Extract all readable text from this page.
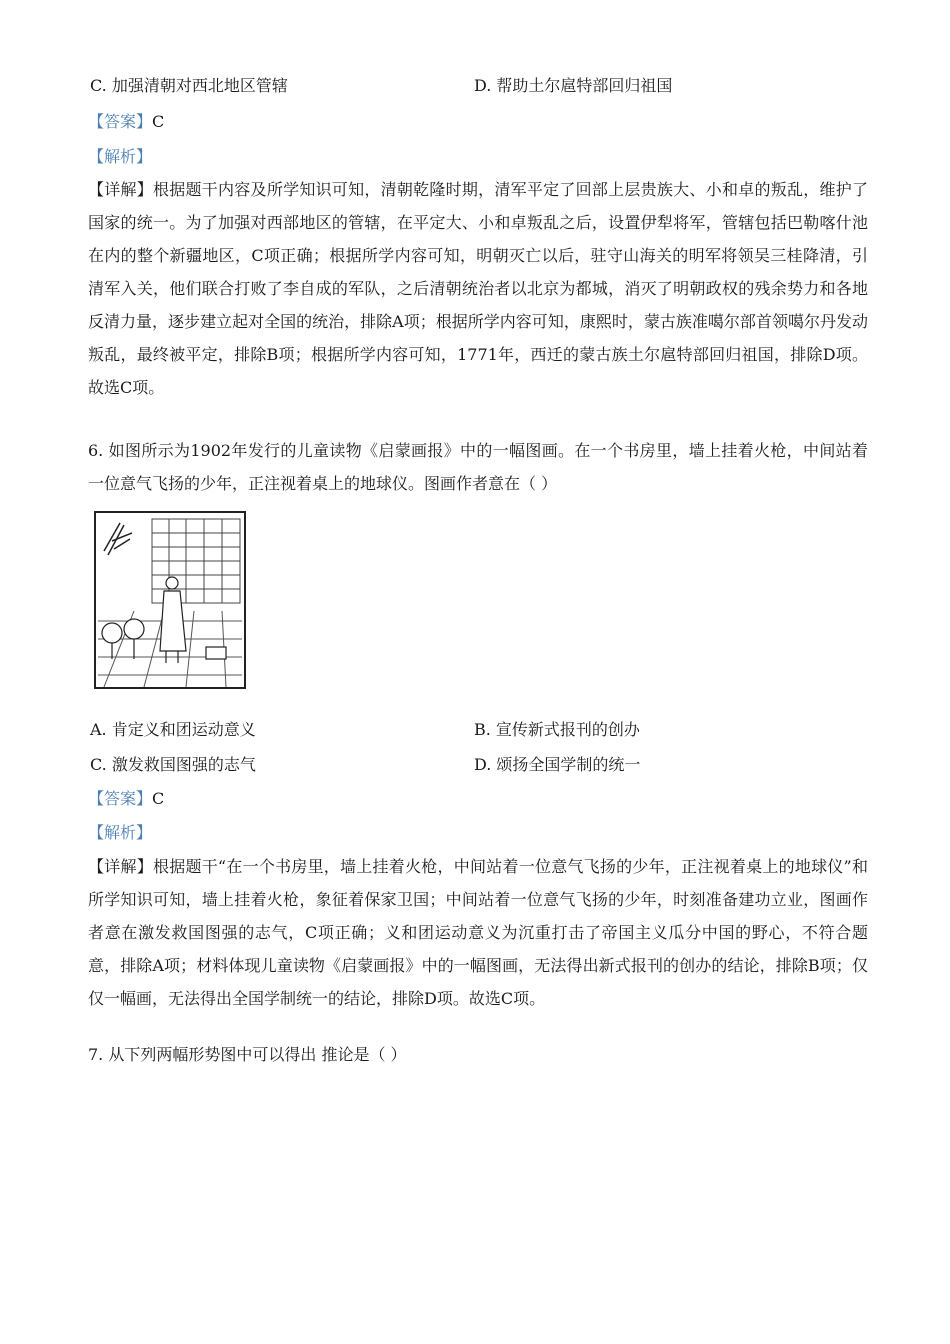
C. 加强清朝对西北地区管辖	D. 帮助土尔扈特部回归祖国
【答案】C
【解析】
【详解】根据题干内容及所学知识可知，清朝乾隆时期，清军平定了回部上层贵族大、小和卓的叛乱，维护了国家的统一。为了加强对西部地区的管辖，在平定大、小和卓叛乱之后，设置伊犁将军，管辖包括巴勒喀什池在内的整个新疆地区，C项正确；根据所学内容可知，明朝灭亡以后，驻守山海关的明军将领吴三桂降清，引清军入关，他们联合打败了李自成的军队，之后清朝统治者以北京为都城，消灭了明朝政权的残余势力和各地反清力量，逐步建立起对全国的统治，排除A项；根据所学内容可知，康熙时，蒙古族准噶尔部首领噶尔丹发动叛乱，最终被平定，排除B项；根据所学内容可知，1771年，西迁的蒙古族土尔扈特部回归祖国，排除D项。故选C项。
6. 如图所示为1902年发行的儿童读物《启蒙画报》中的一幅图画。在一个书房里，墙上挂着火枪，中间站着一位意气飞扬的少年，正注视着桌上的地球仪。图画作者意在（ ）
A. 肯定义和团运动意义	B. 宣传新式报刊的创办
C. 激发救国图强的志气	D. 颂扬全国学制的统一
【答案】C
【解析】
【详解】根据题干“在一个书房里，墙上挂着火枪，中间站着一位意气飞扬的少年，正注视着桌上的地球仪”和所学知识可知，墙上挂着火枪，象征着保家卫国；中间站着一位意气飞扬的少年，时刻准备建功立业，图画作者意在激发救国图强的志气，C项正确；义和团运动意义为沉重打击了帝国主义瓜分中国的野心，不符合题意，排除A项；材料体现儿童读物《启蒙画报》中的一幅图画，无法得出新式报刊的创办的结论，排除B项；仅仅一幅画，无法得出全国学制统一的结论，排除D项。故选C项。
7. 从下列两幅形势图中可以得出 推论是（ ）
